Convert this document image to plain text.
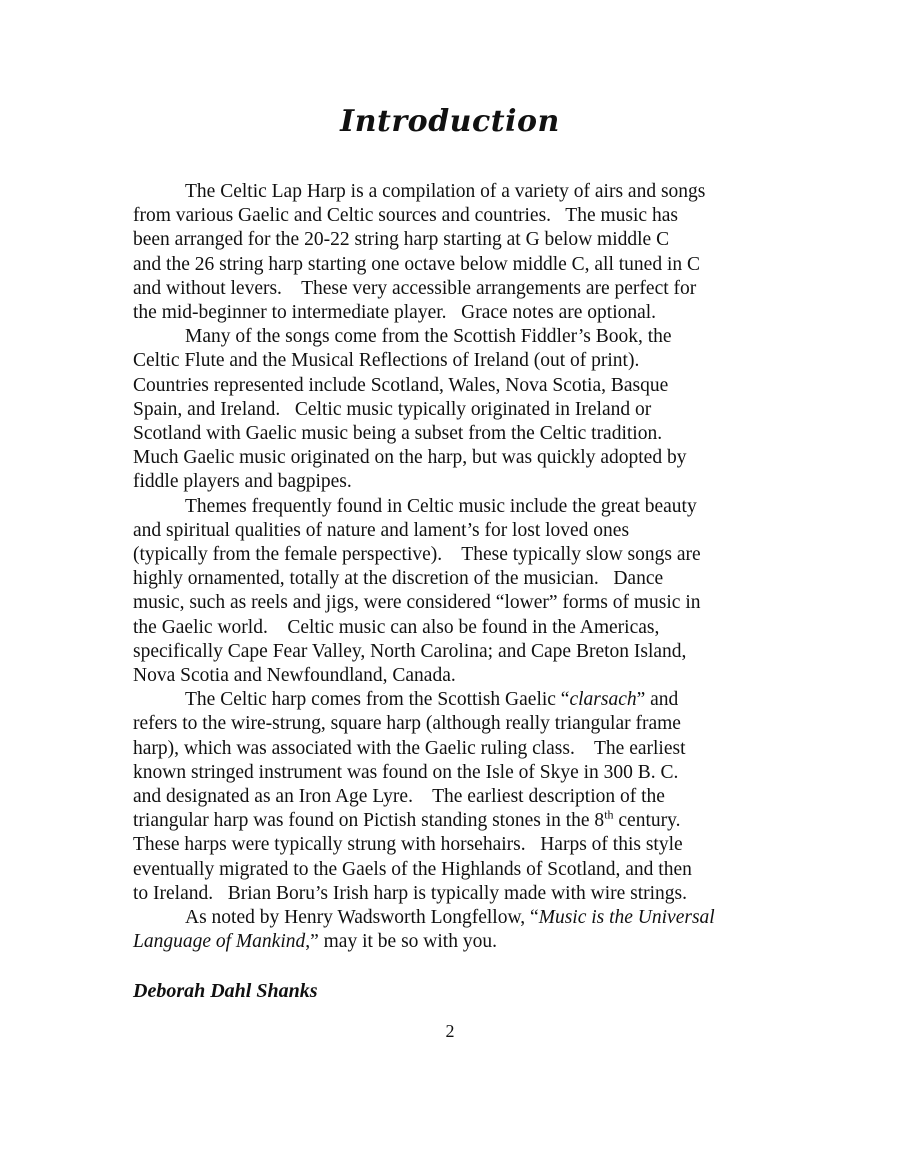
Introduction
The Celtic Lap Harp is a compilation of a variety of airs and songs
from various Gaelic and Celtic sources and countries.   The music has
been arranged for the 20-22 string harp starting at G below middle C
and the 26 string harp starting one octave below middle C, all tuned in C
and without levers.    These very accessible arrangements are perfect for
the mid-beginner to intermediate player.   Grace notes are optional.
Many of the songs come from the Scottish Fiddler’s Book, the
Celtic Flute and the Musical Reflections of Ireland (out of print).
Countries represented include Scotland, Wales, Nova Scotia, Basque
Spain, and Ireland.   Celtic music typically originated in Ireland or
Scotland with Gaelic music being a subset from the Celtic tradition.
Much Gaelic music originated on the harp, but was quickly adopted by
fiddle players and bagpipes.
Themes frequently found in Celtic music include the great beauty
and spiritual qualities of nature and lament’s for lost loved ones
(typically from the female perspective).    These typically slow songs are
highly ornamented, totally at the discretion of the musician.   Dance
music, such as reels and jigs, were considered “lower” forms of music in
the Gaelic world.    Celtic music can also be found in the Americas,
specifically Cape Fear Valley, North Carolina; and Cape Breton Island,
Nova Scotia and Newfoundland, Canada.
The Celtic harp comes from the Scottish Gaelic “clarsach” and
refers to the wire-strung, square harp (although really triangular frame
harp), which was associated with the Gaelic ruling class.    The earliest
known stringed instrument was found on the Isle of Skye in 300 B. C.
and designated as an Iron Age Lyre.    The earliest description of the
triangular harp was found on Pictish standing stones in the 8th century.
These harps were typically strung with horsehairs.   Harps of this style
eventually migrated to the Gaels of the Highlands of Scotland, and then
to Ireland.   Brian Boru’s Irish harp is typically made with wire strings.
As noted by Henry Wadsworth Longfellow, “Music is the Universal
Language of Mankind,” may it be so with you.

Deborah Dahl Shanks

2
